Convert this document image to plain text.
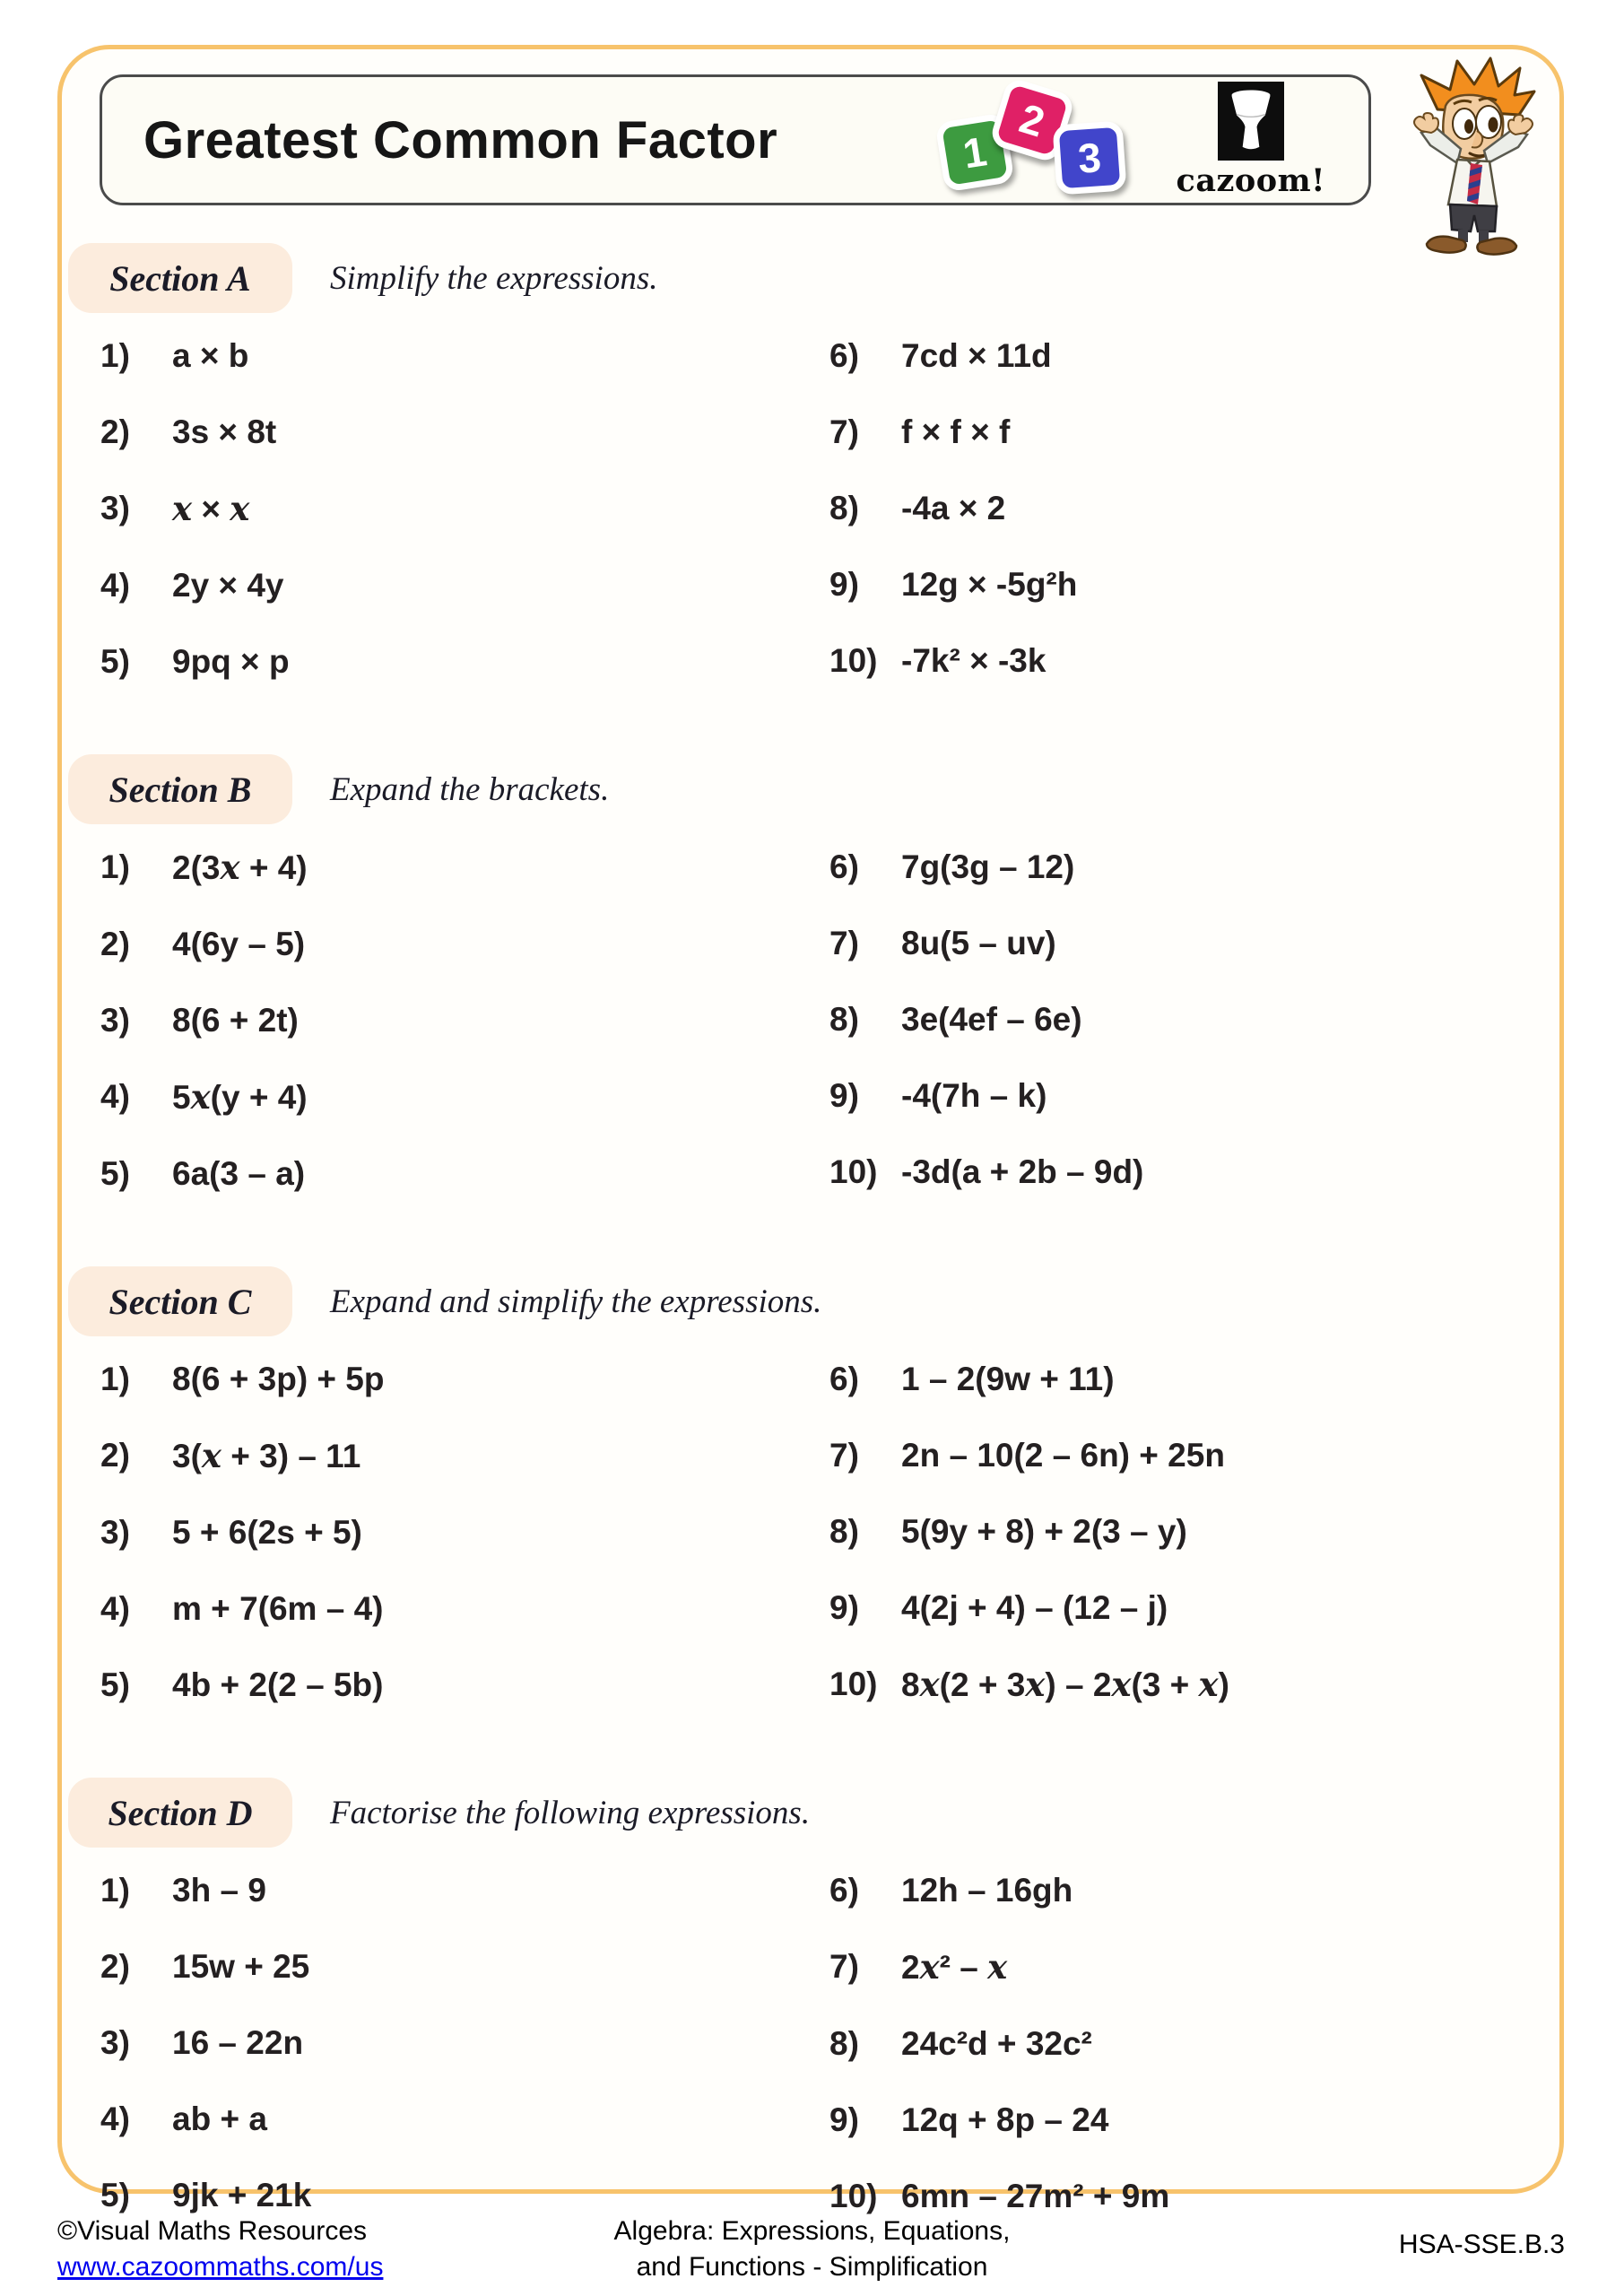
Greatest Common Factor	1
2
3	cazoom!
Section A	Simplify the expressions.
1)	a × b
2)	3s × 8t
3)	x × x
4)	2y × 4y
5)	9pq × p
6)	7cd × 11d
7)	f × f × f
8)	-4a × 2
9)	12g × -5g²h
10) -7k² × -3k
Section B	Expand the brackets.
1)	2(3x + 4)
2)	4(6y – 5)
3)	8(6 + 2t)
4)	5x(y + 4)
5)	6a(3 – a)
6)	7g(3g – 12)
7)	8u(5 – uv)
8)	3e(4ef – 6e)
9)	-4(7h – k)
10) -3d(a + 2b – 9d)
Section C	Expand and simplify the expressions.
1)	8(6 + 3p) + 5p
2)	3(x + 3) – 11
3)	5 + 6(2s + 5)
4)	m + 7(6m – 4)
5)	4b + 2(2 – 5b)
6)	1 – 2(9w + 11)
7)	2n – 10(2 – 6n) + 25n
8)	5(9y + 8) + 2(3 – y)
9)	4(2j + 4) – (12 – j)
10) 8x(2 + 3x) – 2x(3 + x)
Section D	Factorise the following expressions.
1)	3h – 9
2)	15w + 25
3)	16 – 22n
4)	ab + a
5)	9jk + 21k
6)	12h – 16gh
7)	2x² – x
8)	24c²d + 32c²
9)	12q + 8p – 24
10) 6mn – 27m² + 9m
©Visual Maths Resources
www.cazoommaths.com/us
Algebra: Expressions, Equations,
and Functions - Simplification
HSA-SSE.B.3
